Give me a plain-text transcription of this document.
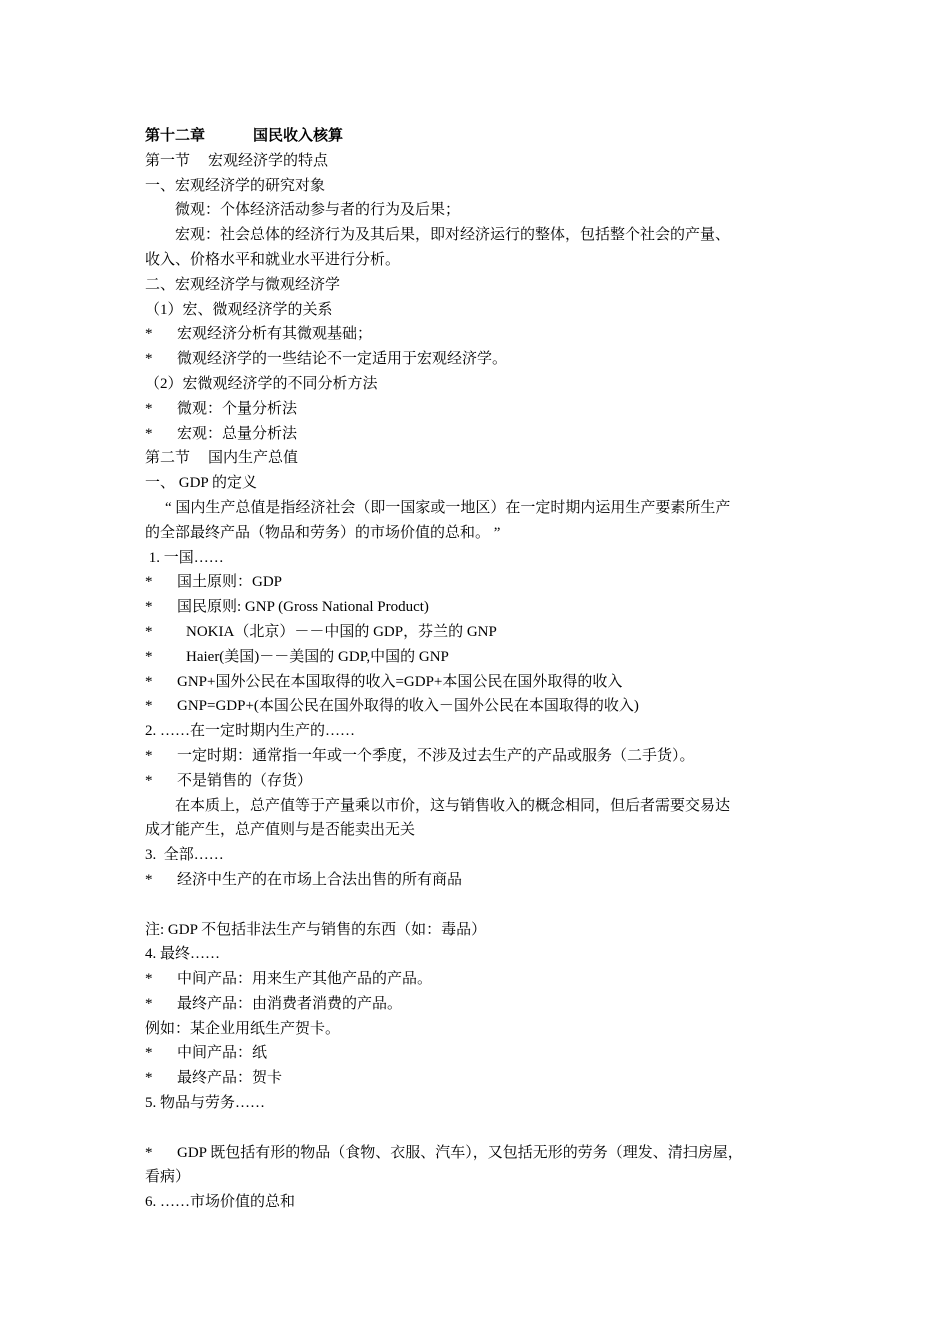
第十二章	国民收入核算

第一节 宏观经济学的特点

一、宏观经济学的研究对象

微观：个体经济活动参与者的行为及后果；

宏观：社会总体的经济行为及其后果，即对经济运行的整体，包括整个社会的产量、

收入、价格水平和就业水平进行分析。

二、宏观经济学与微观经济学

（1）宏、微观经济学的关系

* 宏观经济分析有其微观基础；

* 微观经济学的一些结论不一定适用于宏观经济学。

（2）宏微观经济学的不同分析方法

* 微观：个量分析法

* 宏观：总量分析法

第二节 国内生产总值

一、 GDP 的定义

“ 国内生产总值是指经济社会（即一国家或一地区）在一定时期内运用生产要素所生产

的全部最终产品（物品和劳务）的市场价值的总和。 ”

1. 一国……

* 国土原则：GDP

* 国民原则: GNP (Gross National Product)

* NOKIA（北京）－－中国的 GDP，芬兰的 GNP

* Haier(美国)－－美国的 GDP,中国的 GNP

* GNP+国外公民在本国取得的收入=GDP+本国公民在国外取得的收入

* GNP=GDP+(本国公民在国外取得的收入－国外公民在本国取得的收入)

2. ……在一定时期内生产的……

* 一定时期：通常指一年或一个季度，不涉及过去生产的产品或服务（二手货）。

* 不是销售的（存货）

在本质上，总产值等于产量乘以市价，这与销售收入的概念相同，但后者需要交易达

成才能产生，总产值则与是否能卖出无关

3.  全部……

* 经济中生产的在市场上合法出售的所有商品

注: GDP 不包括非法生产与销售的东西（如：毒品）

4. 最终……

* 中间产品：用来生产其他产品的产品。

* 最终产品：由消费者消费的产品。

例如：某企业用纸生产贺卡。

* 中间产品：纸

* 最终产品：贺卡

5. 物品与劳务……

* GDP 既包括有形的物品（食物、衣服、汽车），又包括无形的劳务（理发、清扫房屋，

看病）

6. ……市场价值的总和
